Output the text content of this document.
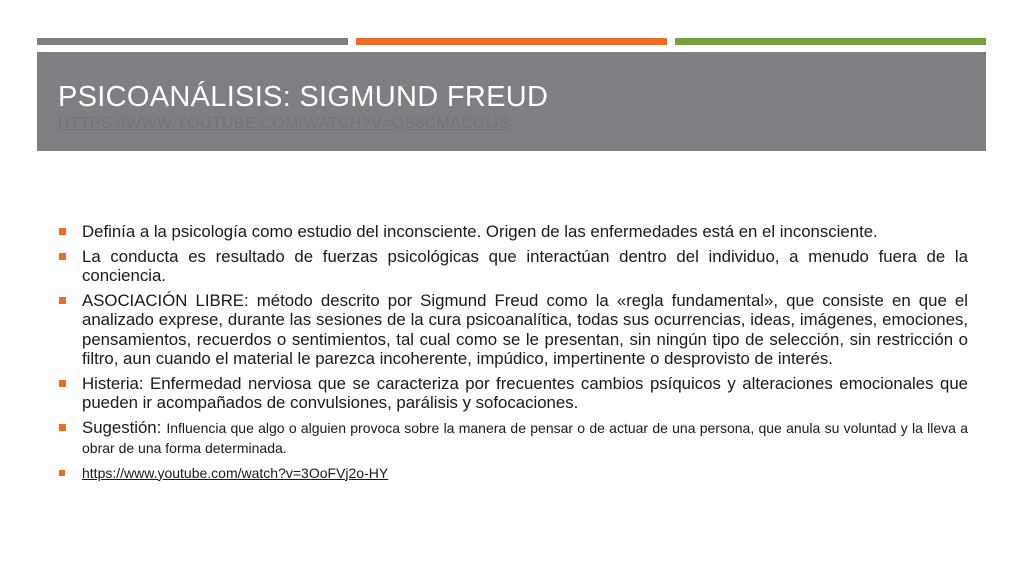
PSICOANÁLISIS: SIGMUND FREUD
HTTPS://WWW.YOUTUBE.COM/WATCH?V=QS8CMACGIJS
Definía a la psicología como estudio del inconsciente. Origen de las enfermedades está en el inconsciente.
La conducta es resultado de fuerzas psicológicas que interactúan dentro del individuo, a menudo fuera de la conciencia.
ASOCIACIÓN LIBRE: método descrito por Sigmund Freud como la «regla fundamental», que consiste en que el analizado exprese, durante las sesiones de la cura psicoanalítica, todas sus ocurrencias, ideas, imágenes, emociones, pensamientos, recuerdos o sentimientos, tal cual como se le presentan, sin ningún tipo de selección, sin restricción o filtro, aun cuando el material le parezca incoherente, impúdico, impertinente o desprovisto de interés.
Histeria: Enfermedad nerviosa que se caracteriza por frecuentes cambios psíquicos y alteraciones emocionales que pueden ir acompañados de convulsiones, parálisis y sofocaciones.
Sugestión: Influencia que algo o alguien provoca sobre la manera de pensar o de actuar de una persona, que anula su voluntad y la lleva a obrar de una forma determinada.
https://www.youtube.com/watch?v=3OoFVj2o-HY
